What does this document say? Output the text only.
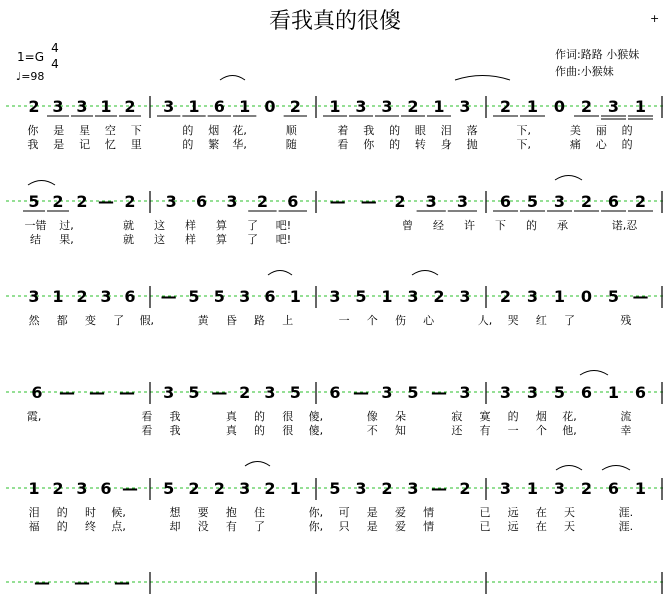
看我真的很傻	+
1=G
4
4
♩=98
作词:路路 小猴妹
作曲:小猴妹
2 3 3 1 2 3 1 6 1 0 2 1 3 3 2 1 3 2 1 0 2 3 1
你 是 星 空 下	的 烟 花,	顺	着 我 的 眼 泪 落	下,	美 丽 的
我 是 记 忆 里	的 繁 华,	随	看 你 的 转 身 抛	下,	痛 心 的
5 2 2 — 2 3 6 3 2 6 — — 2 3 3 6 5 3 2 6 2
一错 过,	就 这 样 算 了 吧!	曾 经 许 下 的 承	诺,忍
结 果,	就 这 样 算 了 吧!
3 1 2 3 6 — 5 5 3 6 1 3 5 1 3 2 3 2 3 1 0 5 —
然 都 变 了 假,	黄 昏 路 上	一 个 伤 心	人, 哭 红 了	残
6 — — — 3 5 — 2 3 5 6 — 3 5 — 3 3 3 5 6 1 6
霞,	看 我	真 的 很 傻,	像 朵	寂 寞 的 烟 花,	流
看 我	真 的 很 傻,	不 知	还 有 一 个 他,	幸
1 2 3 6 — 5 2 2 3 2 1 5 3 2 3 — 2 3 1 3 2 6 1
泪 的 时 候,	想 要 抱 住	你, 可 是 爱 情	已 远 在 天	涯.
福 的 终 点,	却 没 有 了	你, 只 是 爱 情	已 远 在 天	涯.
— — —
